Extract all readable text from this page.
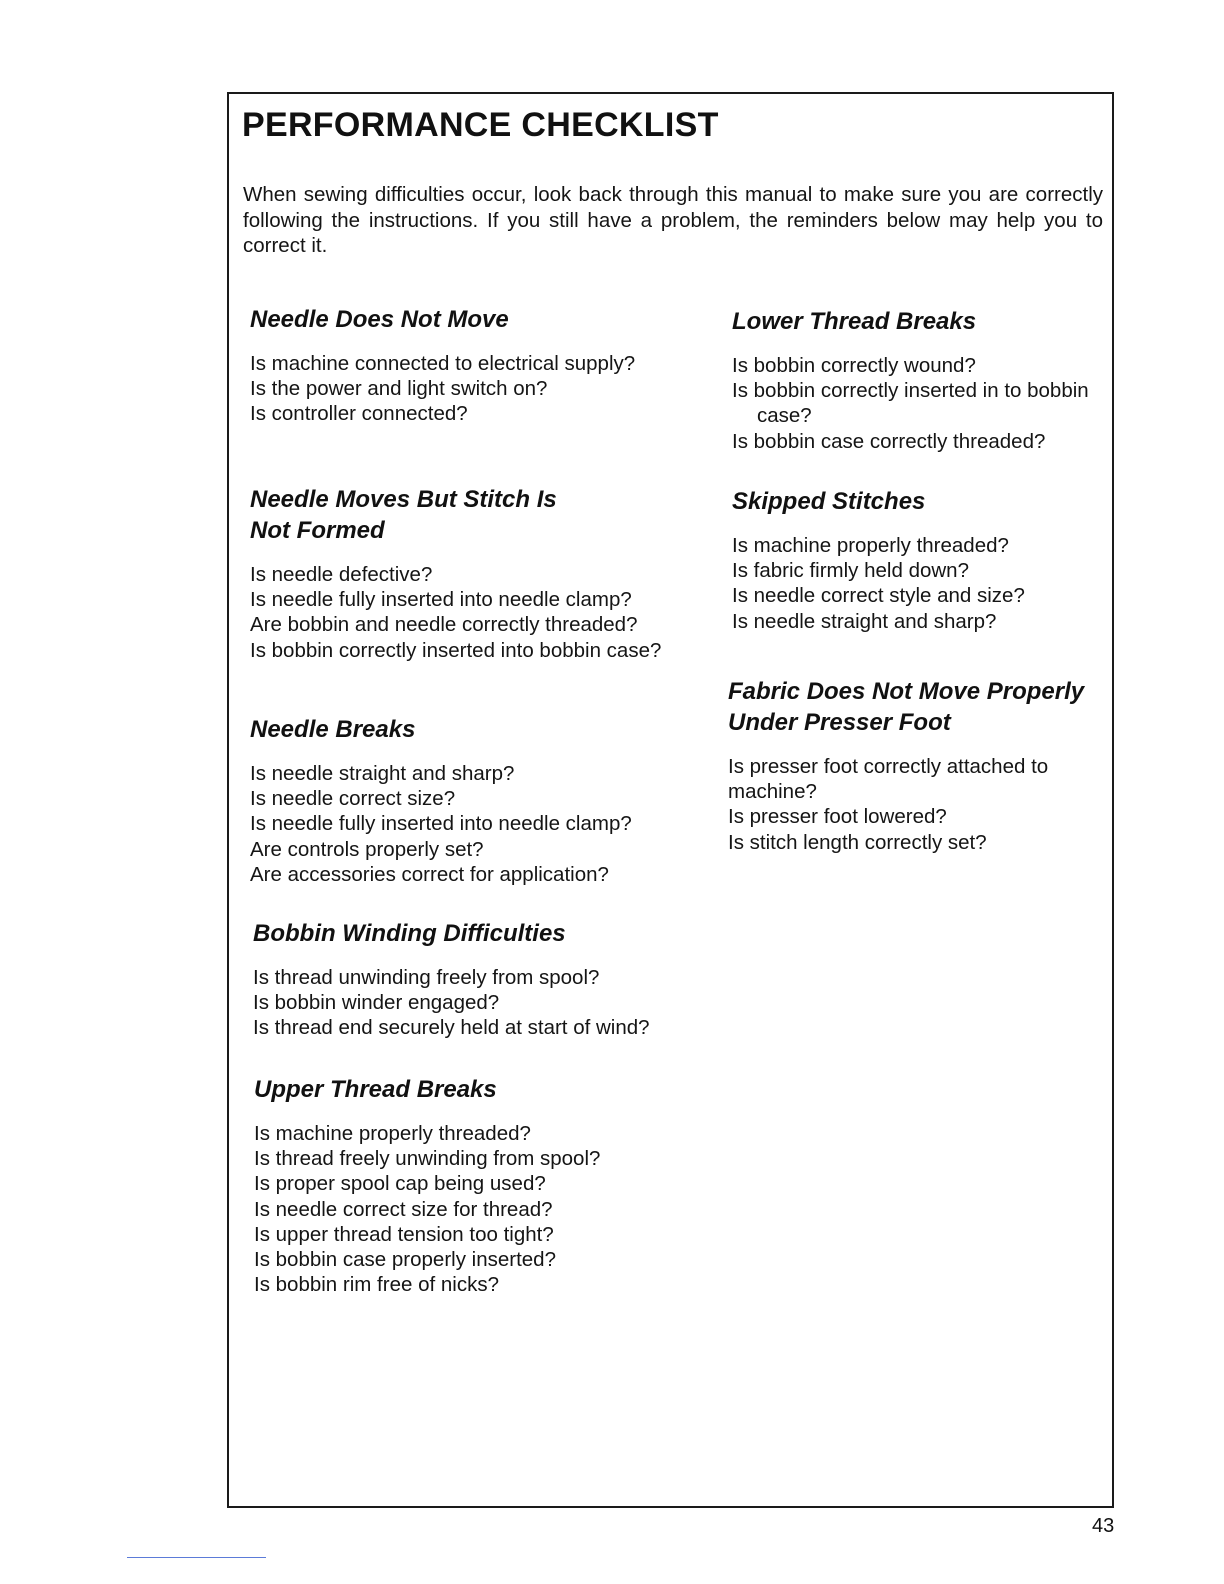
PERFORMANCE CHECKLIST

When sewing difficulties occur, look back through this manual to make sure you are correctly following the instructions. If you still have a problem, the reminders below may help you to correct it.

Needle Does Not Move
Is machine connected to electrical supply?
Is the power and light switch on?
Is controller connected?
Needle Moves But Stitch Is Not Formed
Is needle defective?
Is needle fully inserted into needle clamp?
Are bobbin and needle correctly threaded?
Is bobbin correctly inserted into bobbin case?
Needle Breaks
Is needle straight and sharp?
Is needle correct size?
Is needle fully inserted into needle clamp?
Are controls properly set?
Are accessories correct for application?
Bobbin Winding Difficulties
Is thread unwinding freely from spool?
Is bobbin winder engaged?
Is thread end securely held at start of wind?
Upper Thread Breaks
Is machine properly threaded?
Is thread freely unwinding from spool?
Is proper spool cap being used?
Is needle correct size for thread?
Is upper thread tension too tight?
Is bobbin case properly inserted?
Is bobbin rim free of nicks?
Lower Thread Breaks
Is bobbin correctly wound?
Is bobbin correctly inserted in to bobbin case?
Is bobbin case correctly threaded?
Skipped Stitches
Is machine properly threaded?
Is fabric firmly held down?
Is needle correct style and size?
Is needle straight and sharp?
Fabric Does Not Move Properly Under Presser Foot
Is presser foot correctly attached to machine?
Is presser foot lowered?
Is stitch length correctly set?
43
